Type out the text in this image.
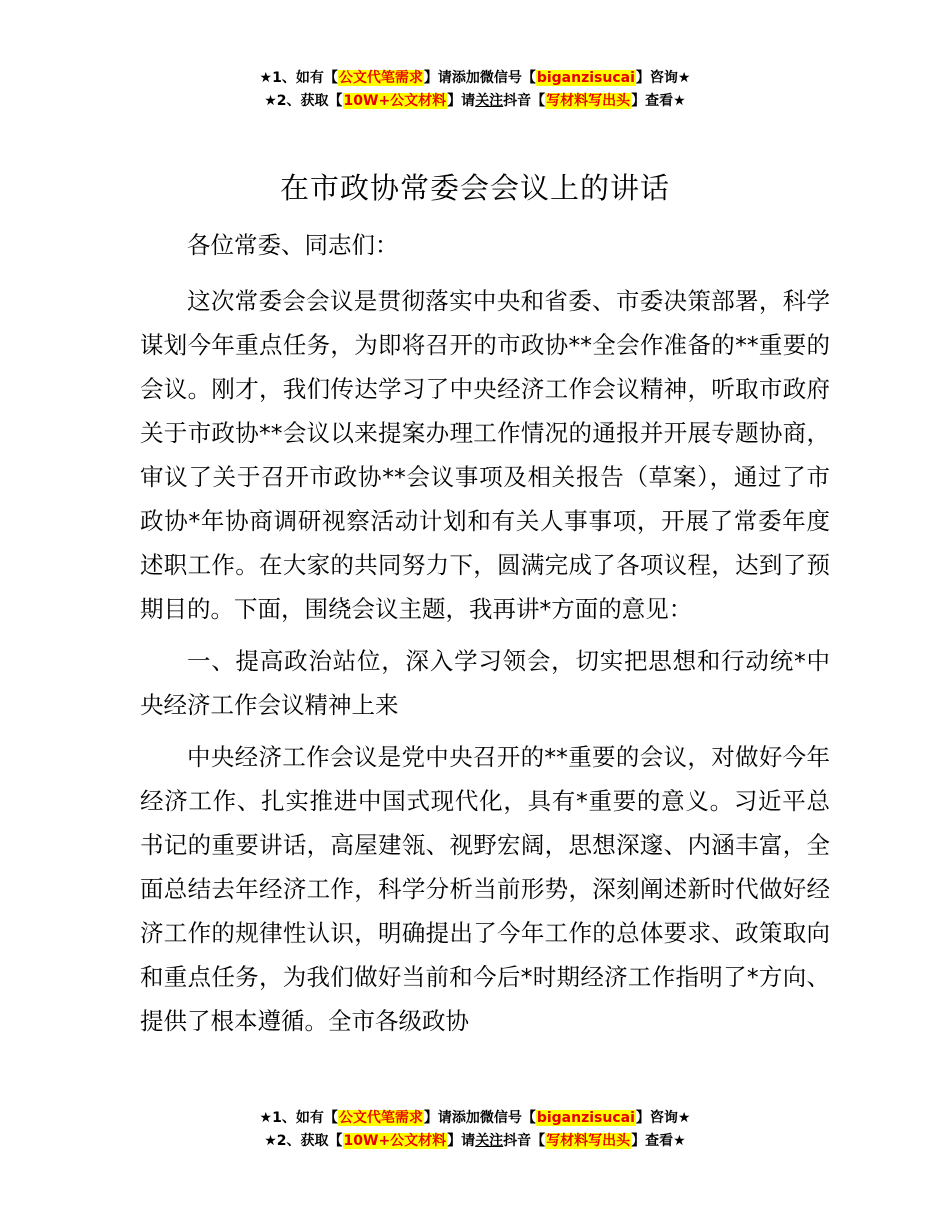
★1、如有【公文代笔需求】请添加微信号【biganzisucai】咨询★
★2、获取【10W+公文材料】请关注抖音【写材料写出头】查看★
在市政协常委会会议上的讲话

各位常委、同志们：

这次常委会会议是贯彻落实中央和省委、市委决策部署，科学谋划今年重点任务，为即将召开的市政协**全会作准备的**重要的会议。刚才，我们传达学习了中央经济工作会议精神，听取市政府关于市政协**会议以来提案办理工作情况的通报并开展专题协商，审议了关于召开市政协**会议事项及相关报告（草案），通过了市政协*年协商调研视察活动计划和有关人事事项，开展了常委年度述职工作。在大家的共同努力下，圆满完成了各项议程，达到了预期目的。下面，围绕会议主题，我再讲*方面的意见：

一、提高政治站位，深入学习领会，切实把思想和行动统*中央经济工作会议精神上来

中央经济工作会议是党中央召开的**重要的会议，对做好今年经济工作、扎实推进中国式现代化，具有*重要的意义。习近平总书记的重要讲话，高屋建瓴、视野宏阔，思想深邃、内涵丰富，全面总结去年经济工作，科学分析当前形势，深刻阐述新时代做好经济工作的规律性认识，明确提出了今年工作的总体要求、政策取向和重点任务，为我们做好当前和今后*时期经济工作指明了*方向、提供了根本遵循。全市各级政协

★1、如有【公文代笔需求】请添加微信号【biganzisucai】咨询★
★2、获取【10W+公文材料】请关注抖音【写材料写出头】查看★
